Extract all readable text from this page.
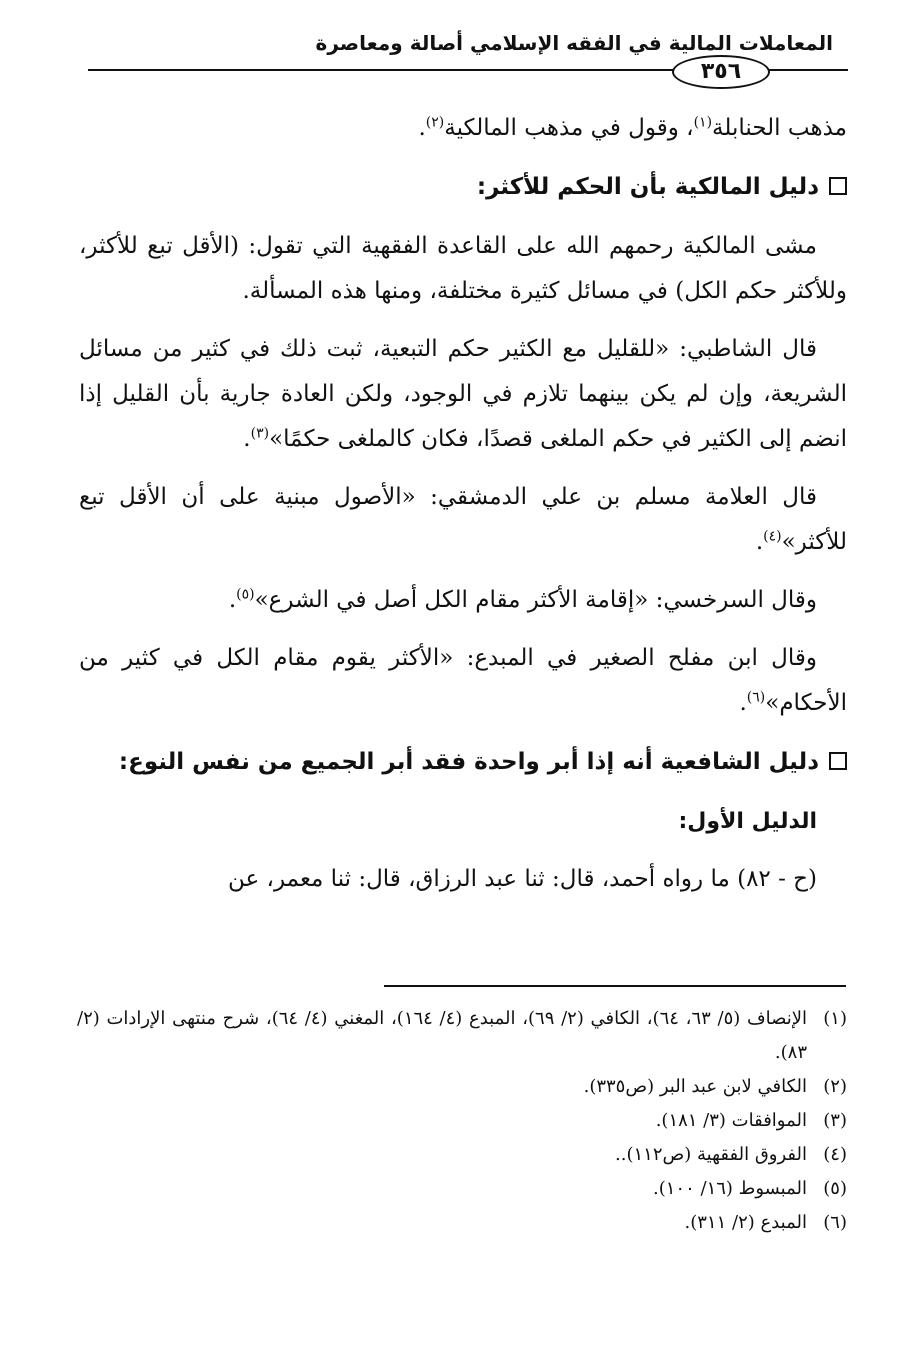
المعاملات المالية في الفقه الإسلامي أصالة ومعاصرة
٣٥٦

مذهب الحنابلة$^{(١)}$، وقول في مذهب المالكية$^{(٢)}$.

دليل المالكية بأن الحكم للأكثر:

مشى المالكية رحمهم الله على القاعدة الفقهية التي تقول: (الأقل تبع للأكثر، وللأكثر حكم الكل) في مسائل كثيرة مختلفة، ومنها هذه المسألة.

قال الشاطبي: «للقليل مع الكثير حكم التبعية، ثبت ذلك في كثير من مسائل الشريعة، وإن لم يكن بينهما تلازم في الوجود، ولكن العادة جارية بأن القليل إذا انضم إلى الكثير في حكم الملغى قصدًا، فكان كالملغى حكمًا»$^{(٣)}$.

قال العلامة مسلم بن علي الدمشقي: «الأصول مبنية على أن الأقل تبع للأكثر»$^{(٤)}$.

وقال السرخسي: «إقامة الأكثر مقام الكل أصل في الشرع»$^{(٥)}$.

وقال ابن مفلح الصغير في المبدع: «الأكثر يقوم مقام الكل في كثير من الأحكام»$^{(٦)}$.

دليل الشافعية أنه إذا أبر واحدة فقد أبر الجميع من نفس النوع:

الدليل الأول:

(ح - ٨٢) ما رواه أحمد، قال: ثنا عبد الرزاق، قال: ثنا معمر، عن

(١)
الإنصاف (٥/ ٦٣، ٦٤)، الكافي (٢/ ٦٩)، المبدع (٤/ ١٦٤)، المغني (٤/ ٦٤)، شرح منتهى الإرادات (٢/ ٨٣).
(٢)
الكافي لابن عبد البر (ص٣٣٥).
(٣)
الموافقات (٣/ ١٨١).
(٤)
الفروق الفقهية (ص١١٢)..
(٥)
المبسوط (١٦/ ١٠٠).
(٦)
المبدع (٢/ ٣١١).
